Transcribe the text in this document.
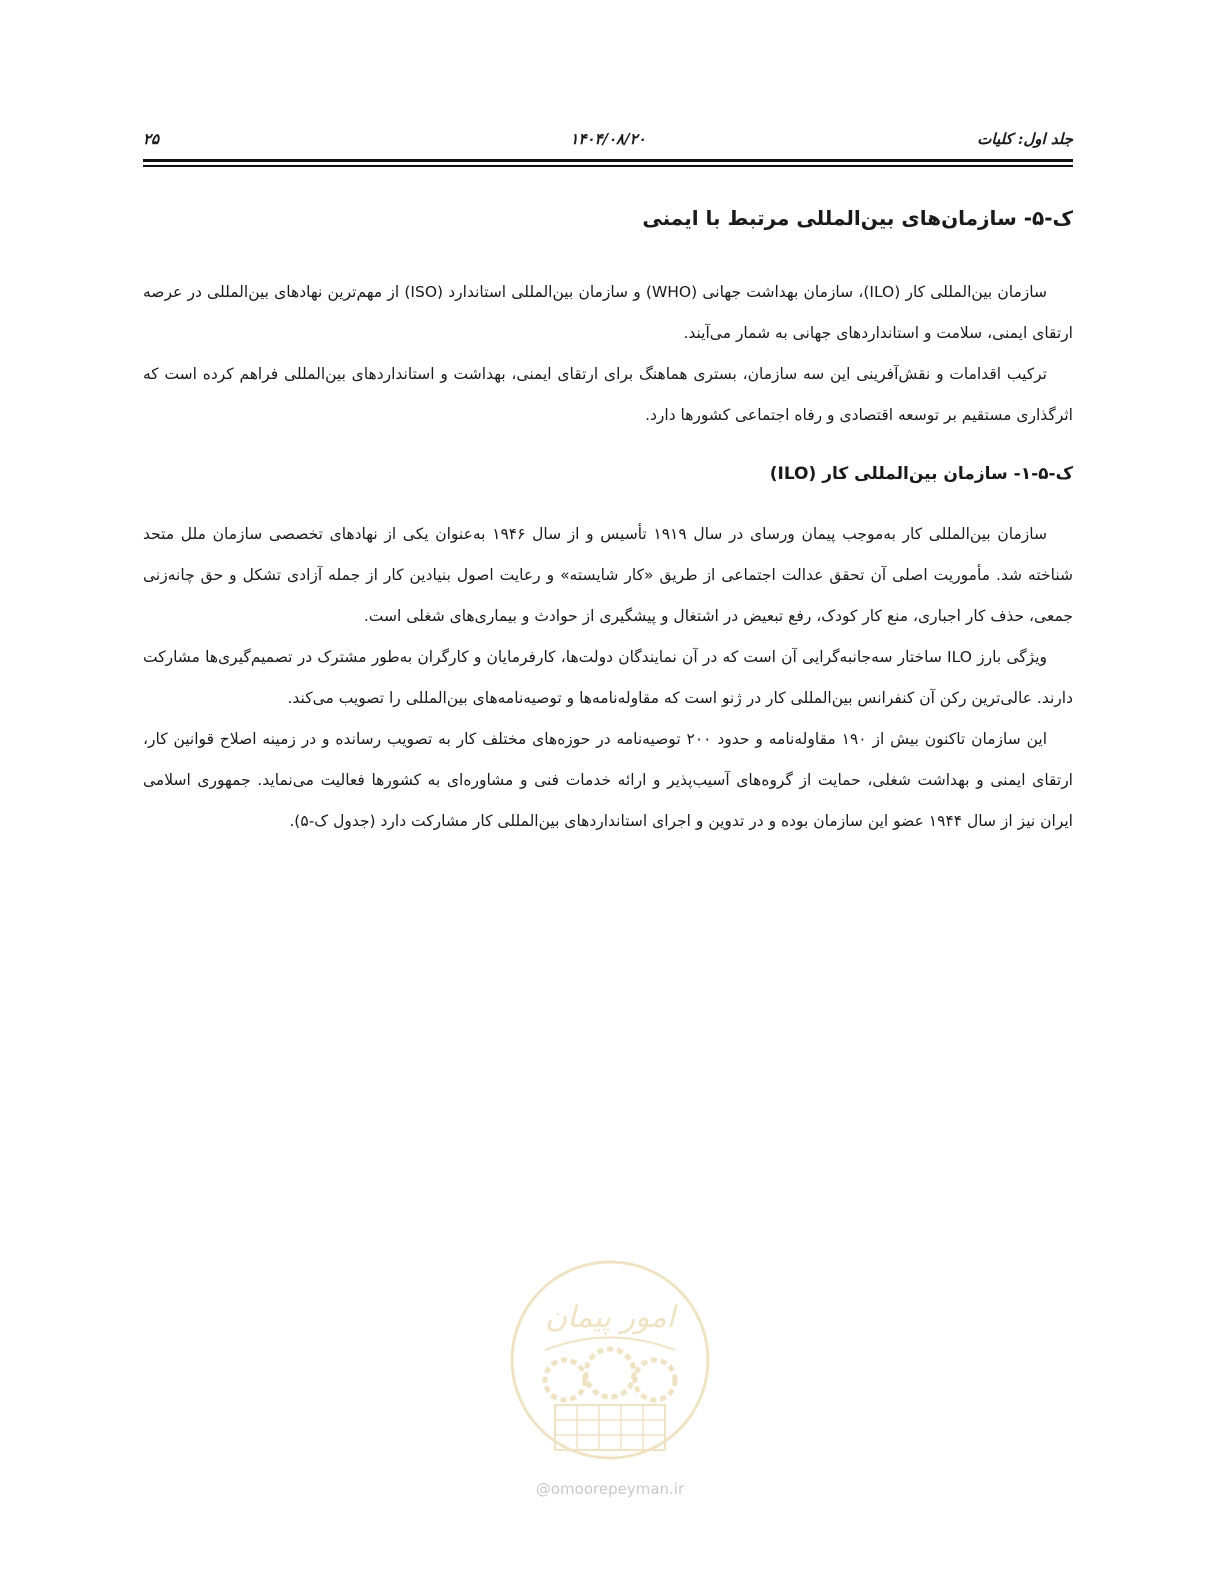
جلد اول: کلیات
۱۴۰۴/۰۸/۲۰
۲۵
ک-۵- سازمان‌های بین‌المللی مرتبط با ایمنی

سازمان بین‌المللی کار (ILO)، سازمان بهداشت جهانی (WHO) و سازمان بین‌المللی استاندارد (ISO) از مهم‌ترین نهادهای بین‌المللی در عرصه ارتقای ایمنی، سلامت و استانداردهای جهانی به شمار می‌آیند.

ترکیب اقدامات و نقش‌آفرینی این سه سازمان، بستری هماهنگ برای ارتقای ایمنی، بهداشت و استانداردهای بین‌المللی فراهم کرده است که اثرگذاری مستقیم بر توسعه اقتصادی و رفاه اجتماعی کشورها دارد.

ک-۵-۱- سازمان بین‌المللی کار (ILO)

سازمان بین‌المللی کار به‌موجب پیمان ورسای در سال ۱۹۱۹ تأسیس و از سال ۱۹۴۶ به‌عنوان یکی از نهادهای تخصصی سازمان ملل متحد شناخته شد. مأموریت اصلی آن تحقق عدالت اجتماعی از طریق «کار شایسته» و رعایت اصول بنیادین کار از جمله آزادی تشکل و حق چانه‌زنی جمعی، حذف کار اجباری، منع کار کودک، رفع تبعیض در اشتغال و پیشگیری از حوادث و بیماری‌های شغلی است.

ویژگی بارز ILO ساختار سه‌جانبه‌گرایی آن است که در آن نمایندگان دولت‌ها، کارفرمایان و کارگران به‌طور مشترک در تصمیم‌گیری‌ها مشارکت دارند. عالی‌ترین رکن آن کنفرانس بین‌المللی کار در ژنو است که مقاوله‌نامه‌ها و توصیه‌نامه‌های بین‌المللی را تصویب می‌کند.

این سازمان تاکنون بیش از ۱۹۰ مقاوله‌نامه و حدود ۲۰۰ توصیه‌نامه در حوزه‌های مختلف کار به تصویب رسانده و در زمینه اصلاح قوانین کار، ارتقای ایمنی و بهداشت شغلی، حمایت از گروه‌های آسیب‌پذیر و ارائه خدمات فنی و مشاوره‌ای به کشورها فعالیت می‌نماید. جمهوری اسلامی ایران نیز از سال ۱۹۴۴ عضو این سازمان بوده و در تدوین و اجرای استانداردهای بین‌المللی کار مشارکت دارد (جدول ک-۵).

امور پیمان
@omoorepeyman.ir
